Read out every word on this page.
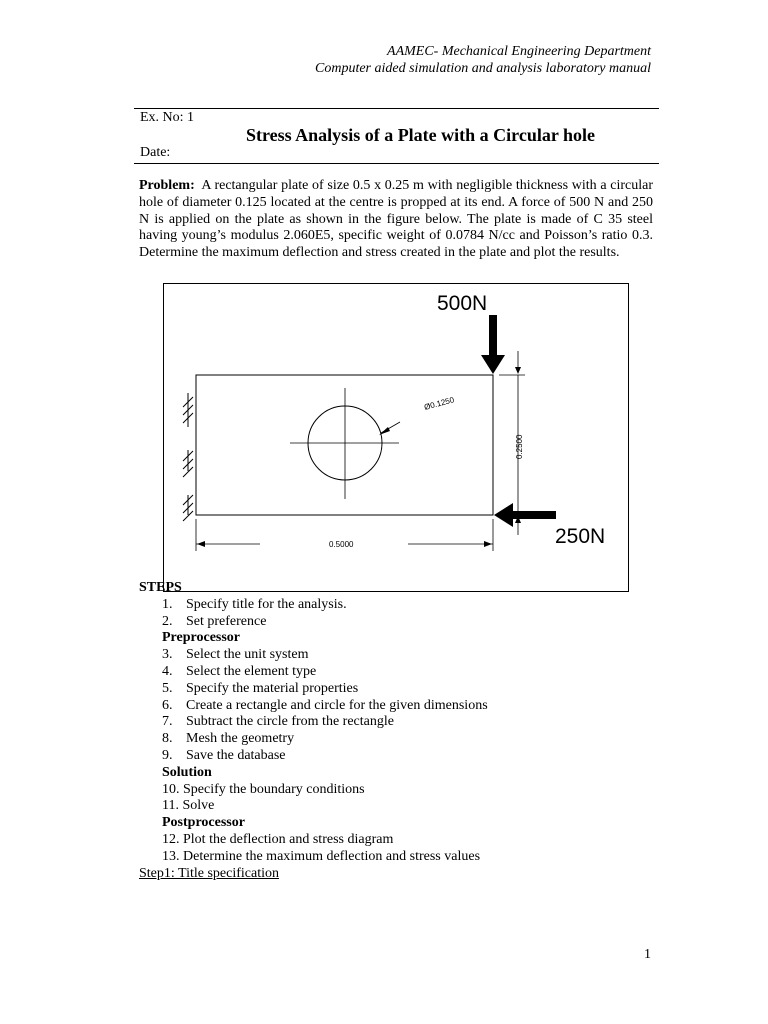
AAMEC- Mechanical Engineering Department
Computer aided simulation and analysis laboratory manual
Ex. No: 1
Stress Analysis of a Plate with a Circular hole
Date:
Problem: A rectangular plate of size 0.5 x 0.25 m with negligible thickness with a circular hole of diameter 0.125 located at the centre is propped at its end. A force of 500 N and 250 N is applied on the plate as shown in the figure below. The plate is made of C 35 steel having young’s modulus 2.060E5, specific weight of 0.0784 N/cc and Poisson’s ratio 0.3. Determine the maximum deflection and stress created in the plate and plot the results.
Ø0.1250
500N
0.2500
250N
0.5000
STEPS
1. Specify title for the analysis.
2. Set preference
Preprocessor
3. Select the unit system
4. Select the element type
5. Specify the material properties
6. Create a rectangle and circle for the given dimensions
7. Subtract the circle from the rectangle
8. Mesh the geometry
9. Save the database
Solution
10. Specify the boundary conditions
11. Solve
Postprocessor
12. Plot the deflection and stress diagram
13. Determine the maximum deflection and stress values
Step1: Title specification
1
